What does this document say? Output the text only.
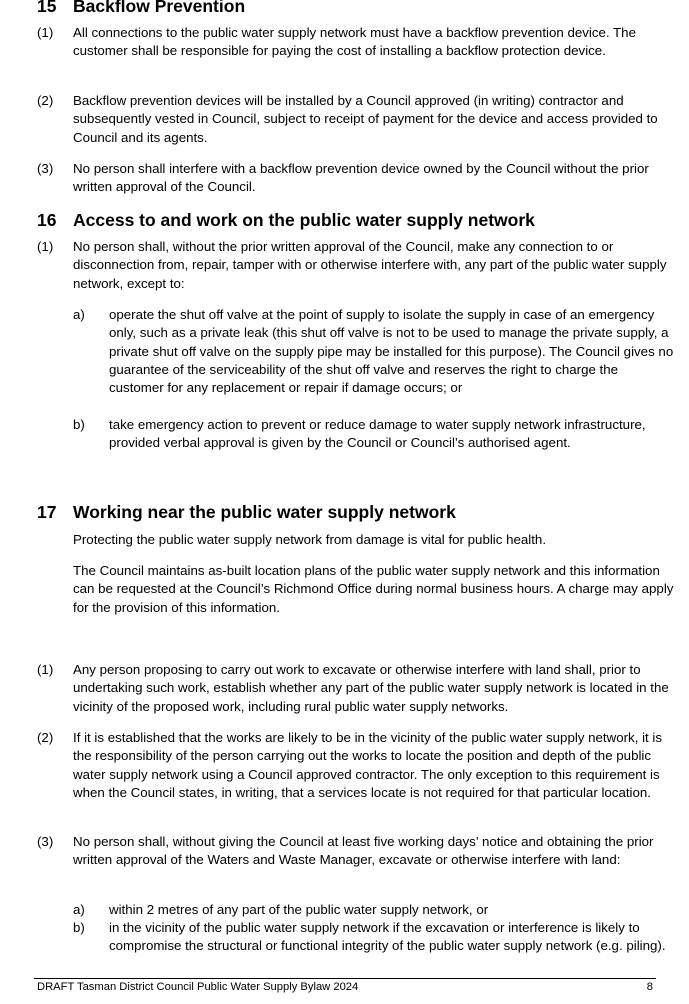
15 Backflow Prevention
(1) All connections to the public water supply network must have a backflow prevention device. The customer shall be responsible for paying the cost of installing a backflow protection device.
(2) Backflow prevention devices will be installed by a Council approved (in writing) contractor and subsequently vested in Council, subject to receipt of payment for the device and access provided to Council and its agents.
(3) No person shall interfere with a backflow prevention device owned by the Council without the prior written approval of the Council.
16 Access to and work on the public water supply network
(1) No person shall, without the prior written approval of the Council, make any connection to or disconnection from, repair, tamper with or otherwise interfere with, any part of the public water supply network, except to:
a) operate the shut off valve at the point of supply to isolate the supply in case of an emergency only, such as a private leak (this shut off valve is not to be used to manage the private supply, a private shut off valve on the supply pipe may be installed for this purpose). The Council gives no guarantee of the serviceability of the shut off valve and reserves the right to charge the customer for any replacement or repair if damage occurs; or
b) take emergency action to prevent or reduce damage to water supply network infrastructure, provided verbal approval is given by the Council or Council’s authorised agent.
17 Working near the public water supply network
Protecting the public water supply network from damage is vital for public health.
The Council maintains as-built location plans of the public water supply network and this information can be requested at the Council’s Richmond Office during normal business hours. A charge may apply for the provision of this information.
(1) Any person proposing to carry out work to excavate or otherwise interfere with land shall, prior to undertaking such work, establish whether any part of the public water supply network is located in the vicinity of the proposed work, including rural public water supply networks.
(2) If it is established that the works are likely to be in the vicinity of the public water supply network, it is the responsibility of the person carrying out the works to locate the position and depth of the public water supply network using a Council approved contractor. The only exception to this requirement is when the Council states, in writing, that a services locate is not required for that particular location.
(3) No person shall, without giving the Council at least five working days’ notice and obtaining the prior written approval of the Waters and Waste Manager, excavate or otherwise interfere with land:
a) within 2 metres of any part of the public water supply network, or
b) in the vicinity of the public water supply network if the excavation or interference is likely to compromise the structural or functional integrity of the public water supply network (e.g. piling).
DRAFT Tasman District Council Public Water Supply Bylaw 2024	8
